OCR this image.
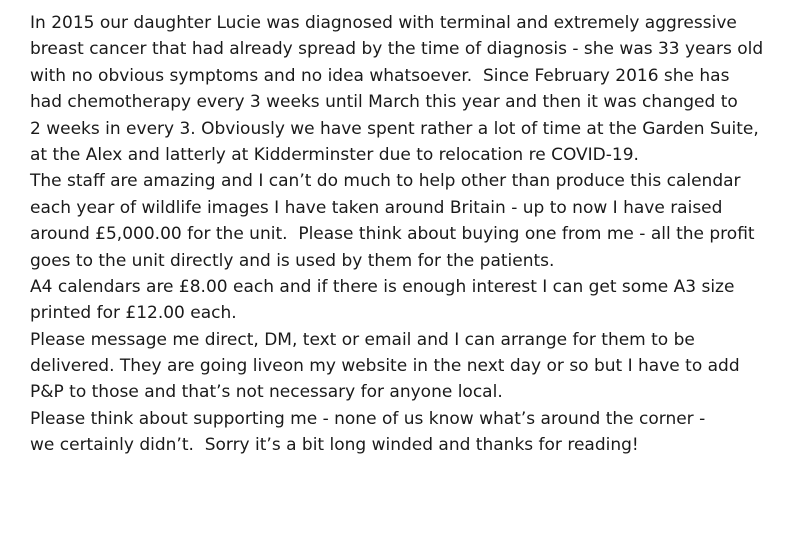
In 2015 our daughter Lucie was diagnosed with terminal and extremely aggressive
breast cancer that had already spread by the time of diagnosis - she was 33 years old
with no obvious symptoms and no idea whatsoever.  Since February 2016 she has
had chemotherapy every 3 weeks until March this year and then it was changed to
2 weeks in every 3. Obviously we have spent rather a lot of time at the Garden Suite,
at the Alex and latterly at Kidderminster due to relocation re COVID-19.
The staff are amazing and I can’t do much to help other than produce this calendar
each year of wildlife images I have taken around Britain - up to now I have raised
around £5,000.00 for the unit.  Please think about buying one from me - all the profit
goes to the unit directly and is used by them for the patients.
A4 calendars are £8.00 each and if there is enough interest I can get some A3 size
printed for £12.00 each.
Please message me direct, DM, text or email and I can arrange for them to be
delivered. They are going liveon my website in the next day or so but I have to add
P&P to those and that’s not necessary for anyone local.
Please think about supporting me - none of us know what’s around the corner -
we certainly didn’t.  Sorry it’s a bit long winded and thanks for reading!
